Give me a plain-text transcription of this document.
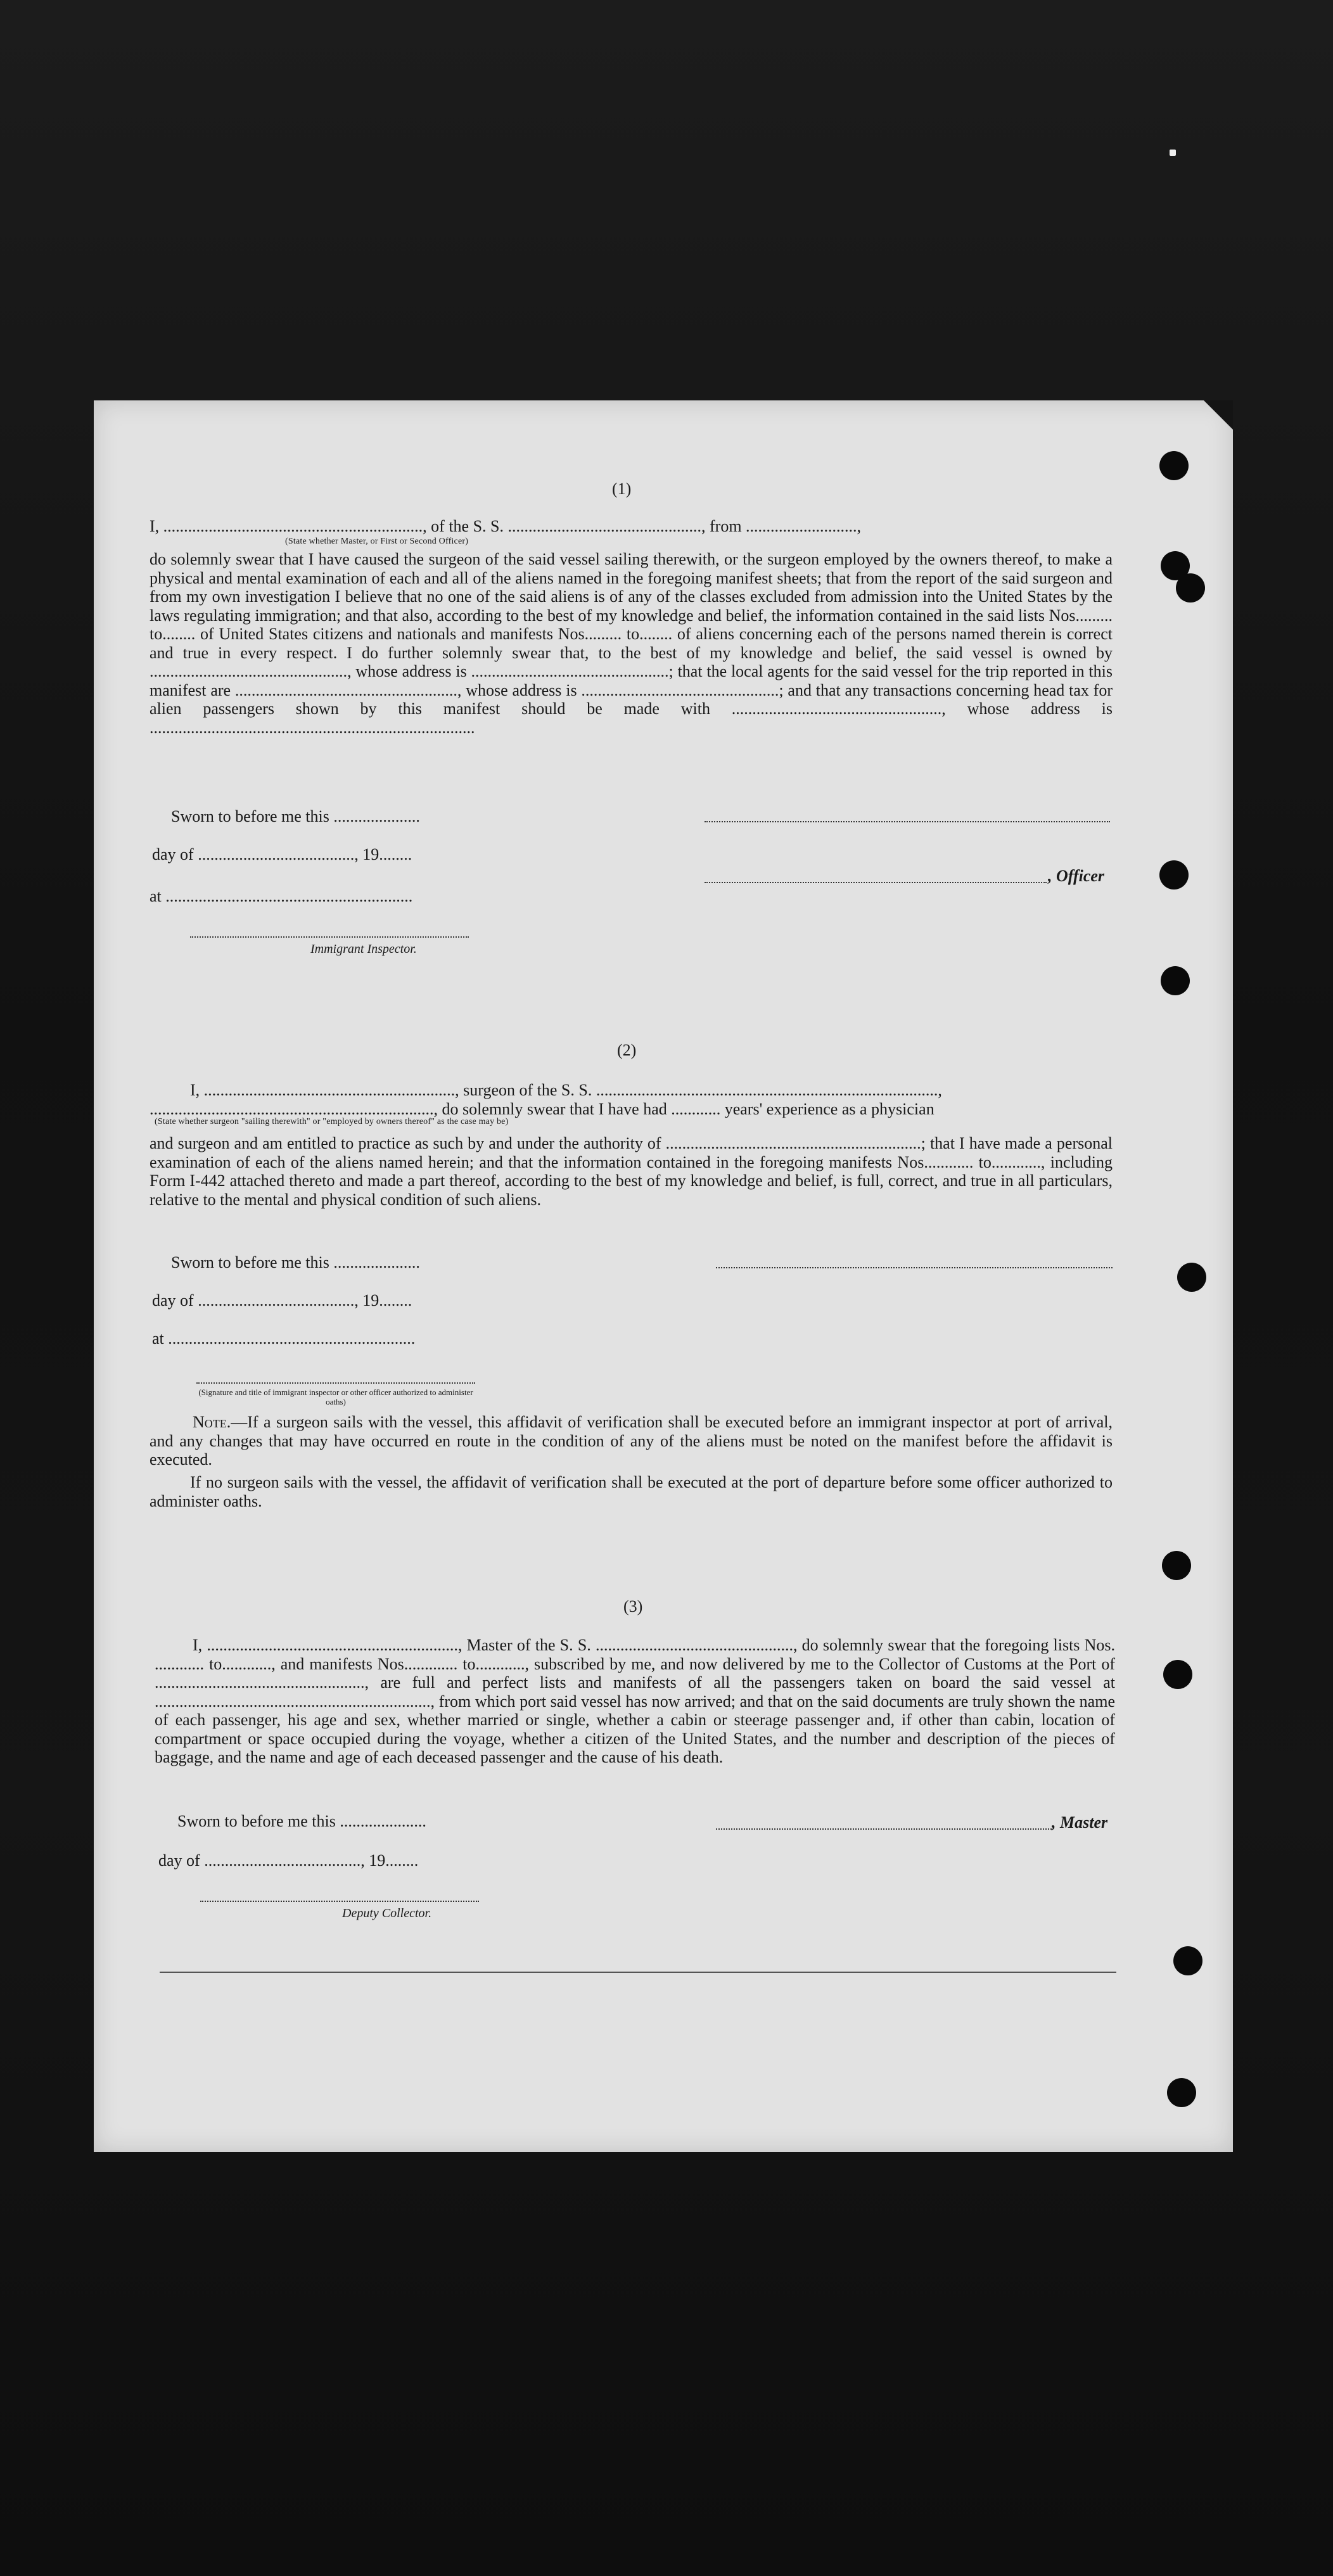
(1)
I, ..............................................................., of the S. S. ..............................................., from ...........................,
(State whether Master, or First or Second Officer)
do solemnly swear that I have caused the surgeon of the said vessel sailing therewith, or the surgeon employed by the owners thereof, to make a physical and mental examination of each and all of the aliens named in the foregoing manifest sheets; that from the report of the said surgeon and from my own investigation I believe that no one of the said aliens is of any of the classes excluded from admission into the United States by the laws regulating immigration; and that also, according to the best of my knowledge and belief, the information contained in the said lists Nos......... to........ of United States citizens and nationals and manifests Nos......... to........ of aliens concerning each of the persons named therein is correct and true in every respect. I do further solemnly swear that, to the best of my knowledge and belief, the said vessel is owned by ................................................, whose address is ................................................; that the local agents for the said vessel for the trip reported in this manifest are ......................................................, whose address is ................................................; and that any transactions concerning head tax for alien passengers shown by this manifest should be made with ..................................................., whose address is ...............................................................................
Sworn to before me this .....................
day of ......................................, 19........
, Officer
at ............................................................
Immigrant Inspector.
(2)
I, ............................................................., surgeon of the S. S. ...................................................................................,
....................................................................., do solemnly swear that I have had ............ years' experience as a physician
(State whether surgeon "sailing therewith" or "employed by owners thereof" as the case may be)
and surgeon and am entitled to practice as such by and under the authority of ..............................................................; that I have made a personal examination of each of the aliens named herein; and that the information contained in the foregoing manifests Nos............ to............, including Form I-442 attached thereto and made a part thereof, according to the best of my knowledge and belief, is full, correct, and true in all particulars, relative to the mental and physical condition of such aliens.
Sworn to before me this .....................
day of ......................................, 19........
at ............................................................
(Signature and title of immigrant inspector or other officer authorized to administer oaths)
Note.—If a surgeon sails with the vessel, this affidavit of verification shall be executed before an immigrant inspector at port of arrival, and any changes that may have occurred en route in the condition of any of the aliens must be noted on the manifest before the affidavit is executed.
If no surgeon sails with the vessel, the affidavit of verification shall be executed at the port of departure before some officer authorized to administer oaths.
(3)
I, ............................................................., Master of the S. S. ................................................, do solemnly swear that the foregoing lists Nos. ............ to............, and manifests Nos............. to............, subscribed by me, and now delivered by me to the Collector of Customs at the Port of ..................................................., are full and perfect lists and manifests of all the passengers taken on board the said vessel at ..................................................................., from which port said vessel has now arrived; and that on the said documents are truly shown the name of each passenger, his age and sex, whether married or single, whether a cabin or steerage passenger and, if other than cabin, location of compartment or space occupied during the voyage, whether a citizen of the United States, and the number and description of the pieces of baggage, and the name and age of each deceased passenger and the cause of his death.
Sworn to before me this .....................	, Master
day of ......................................, 19........
Deputy Collector.
